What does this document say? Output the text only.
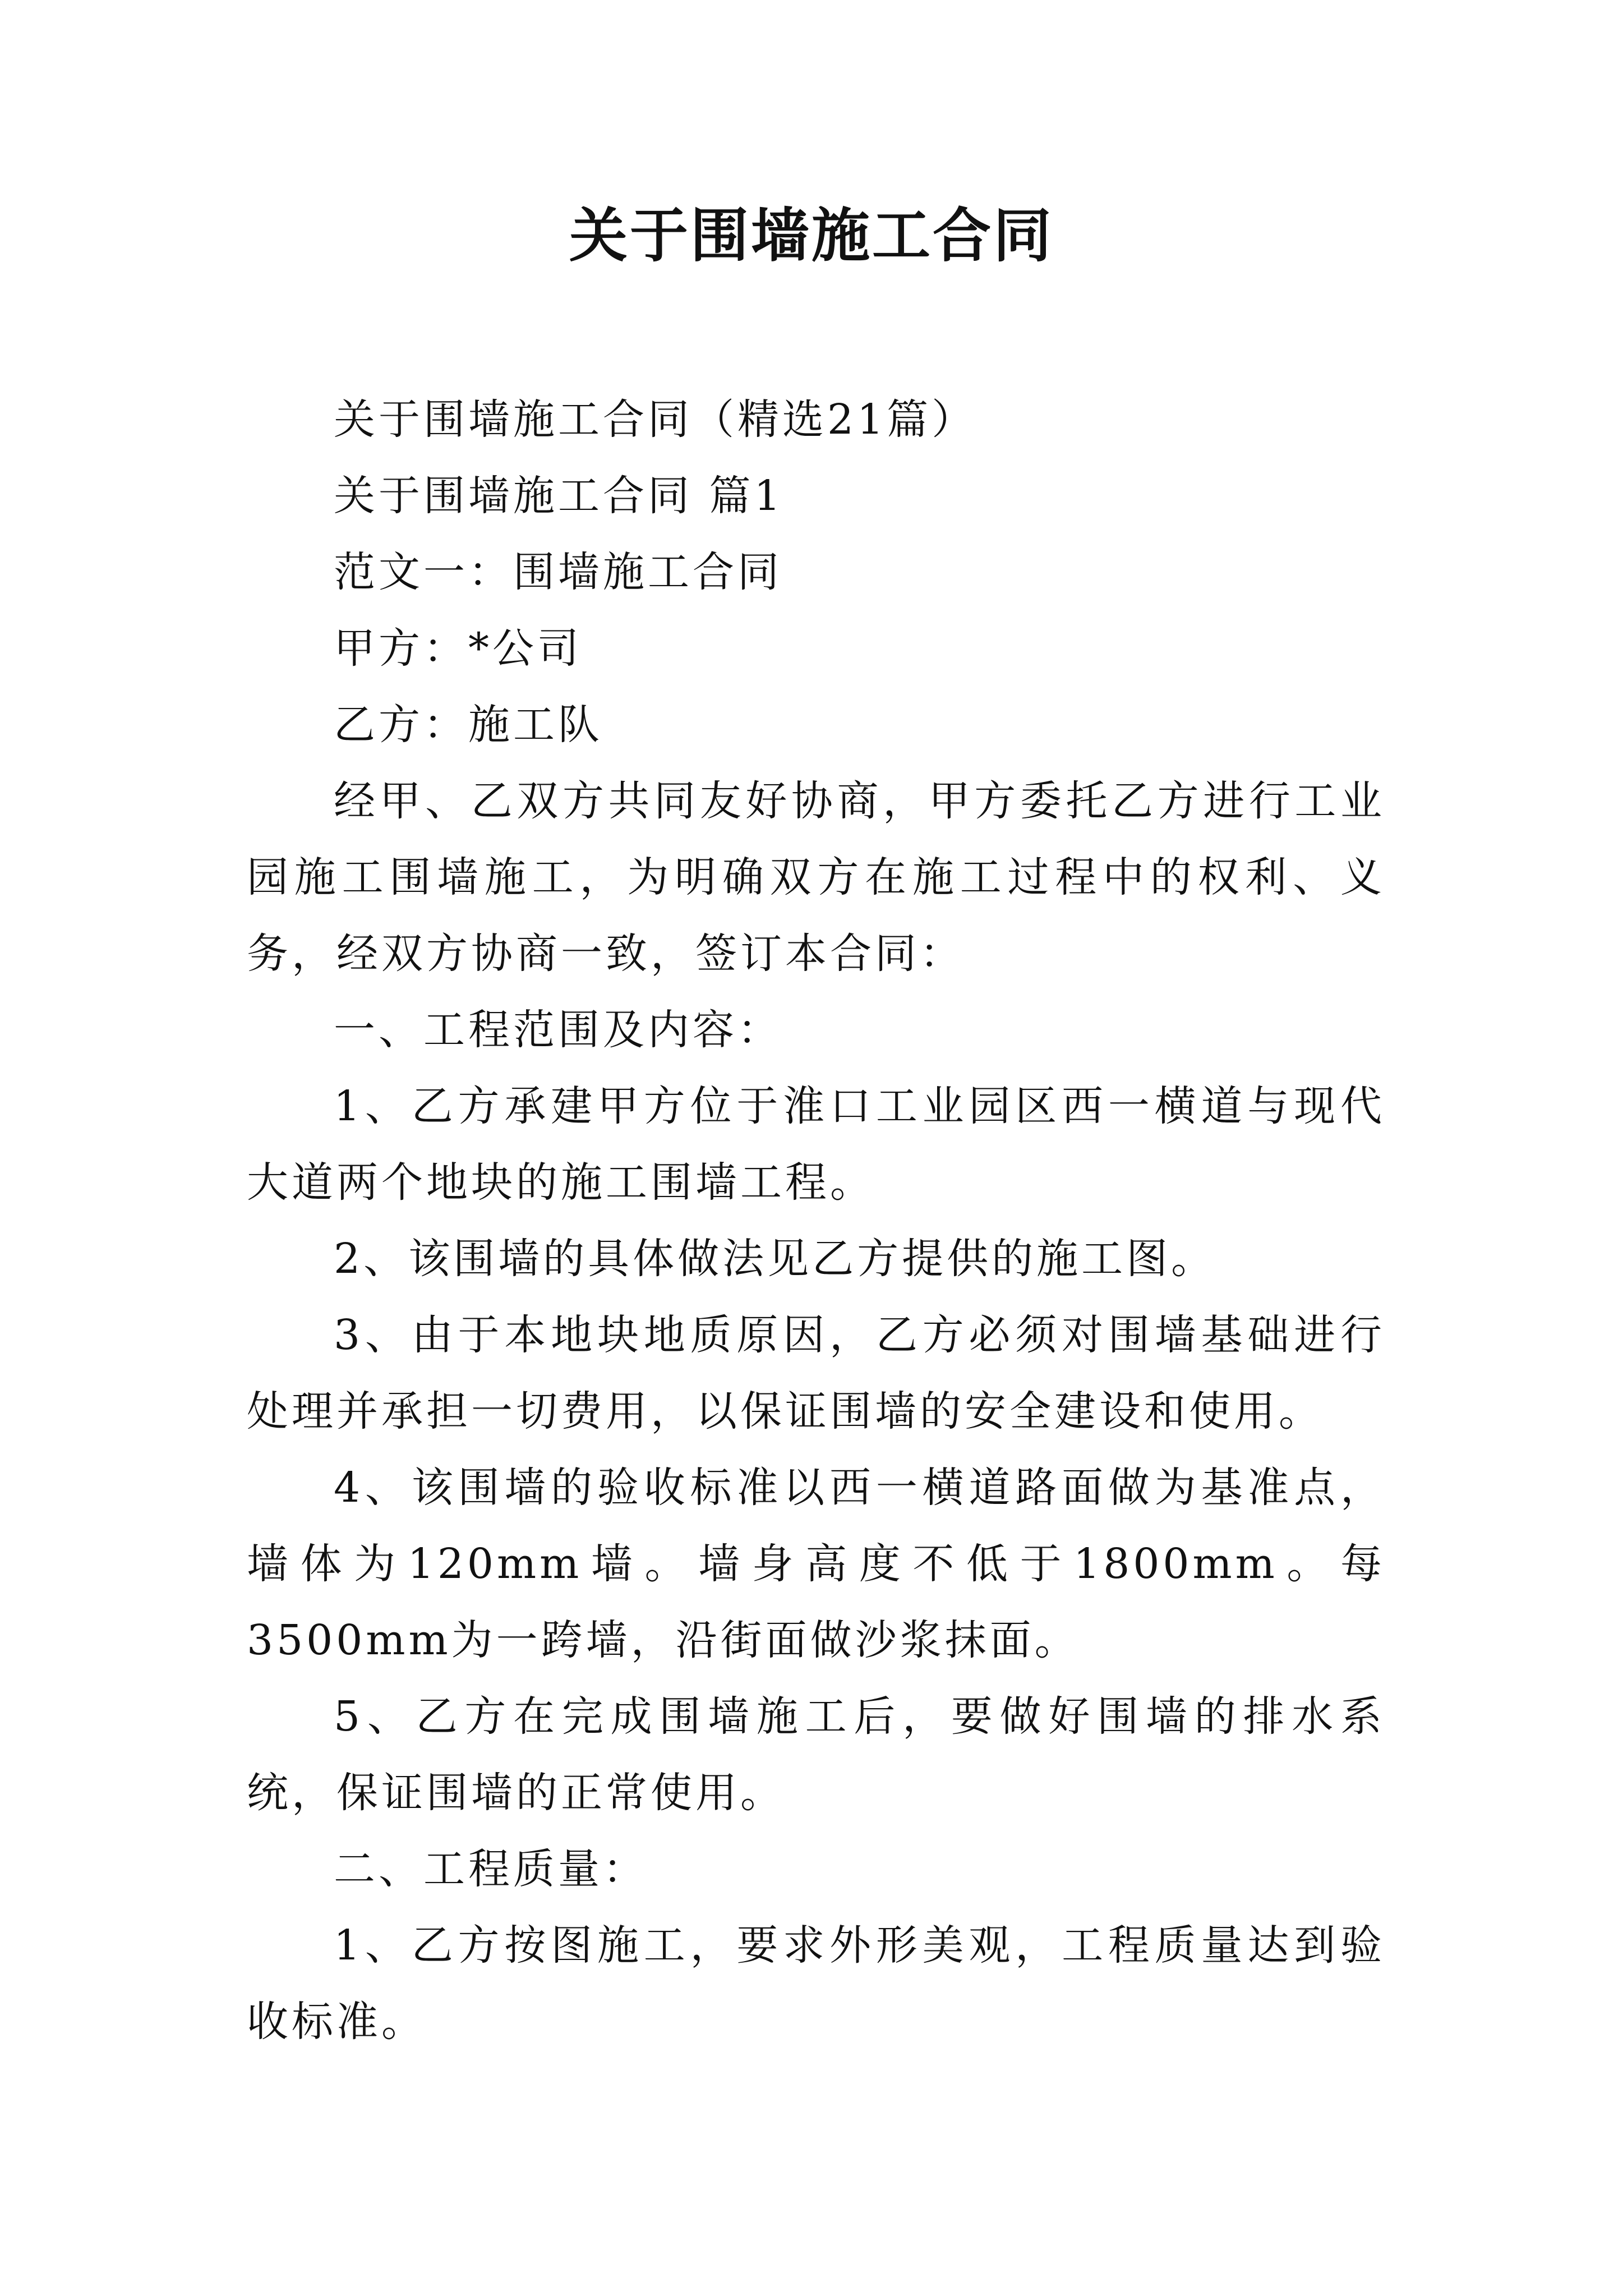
关于围墙施工合同

关于围墙施工合同（精选21篇）

关于围墙施工合同 篇1

范文一：围墙施工合同

甲方：*公司

乙方：施工队

经甲、乙双方共同友好协商，甲方委托乙方进行工业园施工围墙施工，为明确双方在施工过程中的权利、义务，经双方协商一致，签订本合同：

一、工程范围及内容：

1、乙方承建甲方位于淮口工业园区西一横道与现代大道两个地块的施工围墙工程。

2、该围墙的具体做法见乙方提供的施工图。

3、由于本地块地质原因，乙方必须对围墙基础进行处理并承担一切费用，以保证围墙的安全建设和使用。

4、该围墙的验收标准以西一横道路面做为基准点，墙体为120mm墙。墙身高度不低于1800mm。每3500mm为一跨墙，沿街面做沙浆抹面。

5、乙方在完成围墙施工后，要做好围墙的排水系统，保证围墙的正常使用。

二、工程质量：

1、乙方按图施工，要求外形美观，工程质量达到验收标准。
